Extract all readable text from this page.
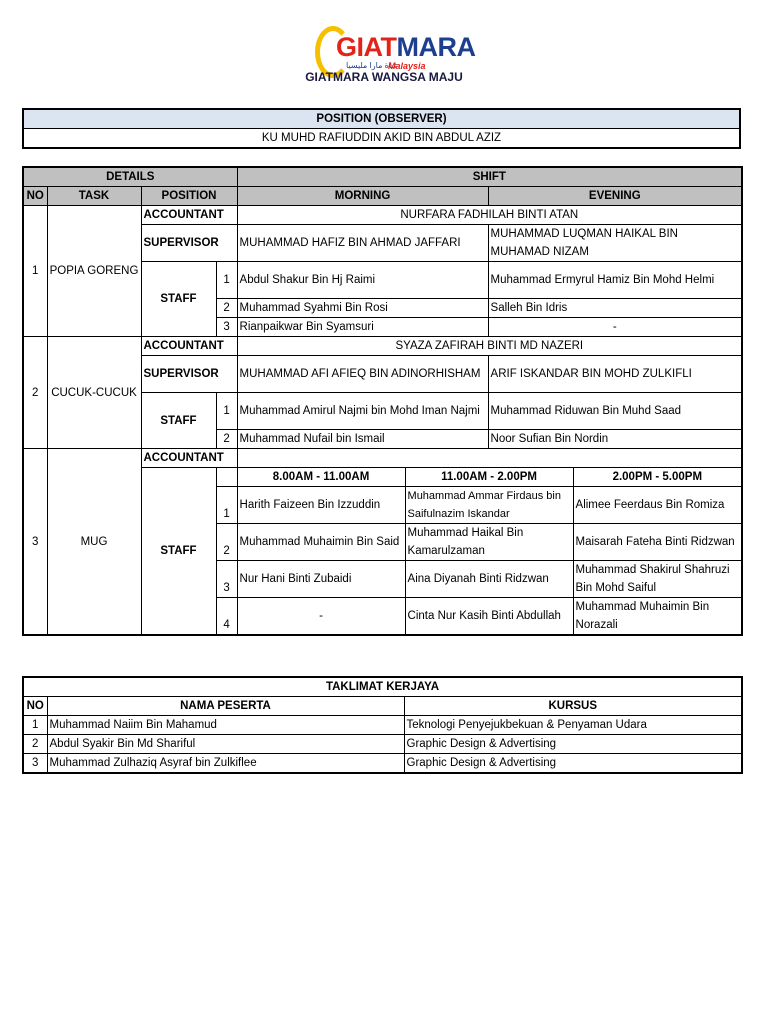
GIATMARA
غياة مارا مليسيا
Malaysia
GIATMARA WANGSA MAJU
POSITION (OBSERVER)
KU MUHD RAFIUDDIN AKID BIN ABDUL AZIZ
DETAILS				SHIFT			
NO	TASK	POSITION		MORNING		EVENING	
1	POPIA GORENG	ACCOUNTANT		NURFARA FADHILAH BINTI ATAN			
		SUPERVISOR		MUHAMMAD HAFIZ BIN AHMAD JAFFARI		MUHAMMAD LUQMAN HAIKAL BIN MUHAMAD NIZAM	
		STAFF	1	Abdul Shakur Bin Hj Raimi		Muhammad Ermyrul Hamiz Bin Mohd Helmi	
			2	Muhammad Syahmi Bin Rosi		Salleh Bin Idris	
			3	Rianpaikwar Bin Syamsuri		-	
2	CUCUK-CUCUK	ACCOUNTANT		SYAZA ZAFIRAH BINTI MD NAZERI			
		SUPERVISOR		MUHAMMAD AFI AFIEQ BIN ADINORHISHAM		ARIF ISKANDAR BIN MOHD ZULKIFLI	
		STAFF	1	Muhammad Amirul Najmi bin Mohd Iman Najmi		Muhammad Riduwan Bin Muhd Saad	
			2	Muhammad Nufail bin Ismail		Noor Sufian Bin Nordin	
3	MUG	ACCOUNTANT					
		STAFF		8.00AM - 11.00AM	11.00AM - 2.00PM		2.00PM - 5.00PM
			1	Harith Faizeen Bin Izzuddin	Muhammad Ammar Firdaus bin Saifulnazim Iskandar		Alimee Feerdaus Bin Romiza
			2	Muhammad Muhaimin Bin Said	Muhammad Haikal Bin Kamarulzaman		Maisarah Fateha Binti Ridzwan
			3	Nur Hani Binti Zubaidi	Aina Diyanah Binti Ridzwan		Muhammad Shakirul Shahruzi Bin Mohd Saiful
			4	-	Cinta Nur Kasih Binti Abdullah		Muhammad Muhaimin Bin Norazali
TAKLIMAT KERJAYA		
NO	NAMA PESERTA	KURSUS
1	Muhammad Naiim Bin Mahamud	Teknologi Penyejukbekuan & Penyaman Udara
2	Abdul Syakir Bin Md Shariful	Graphic Design & Advertising
3	Muhammad Zulhaziq Asyraf bin Zulkiflee	Graphic Design & Advertising
